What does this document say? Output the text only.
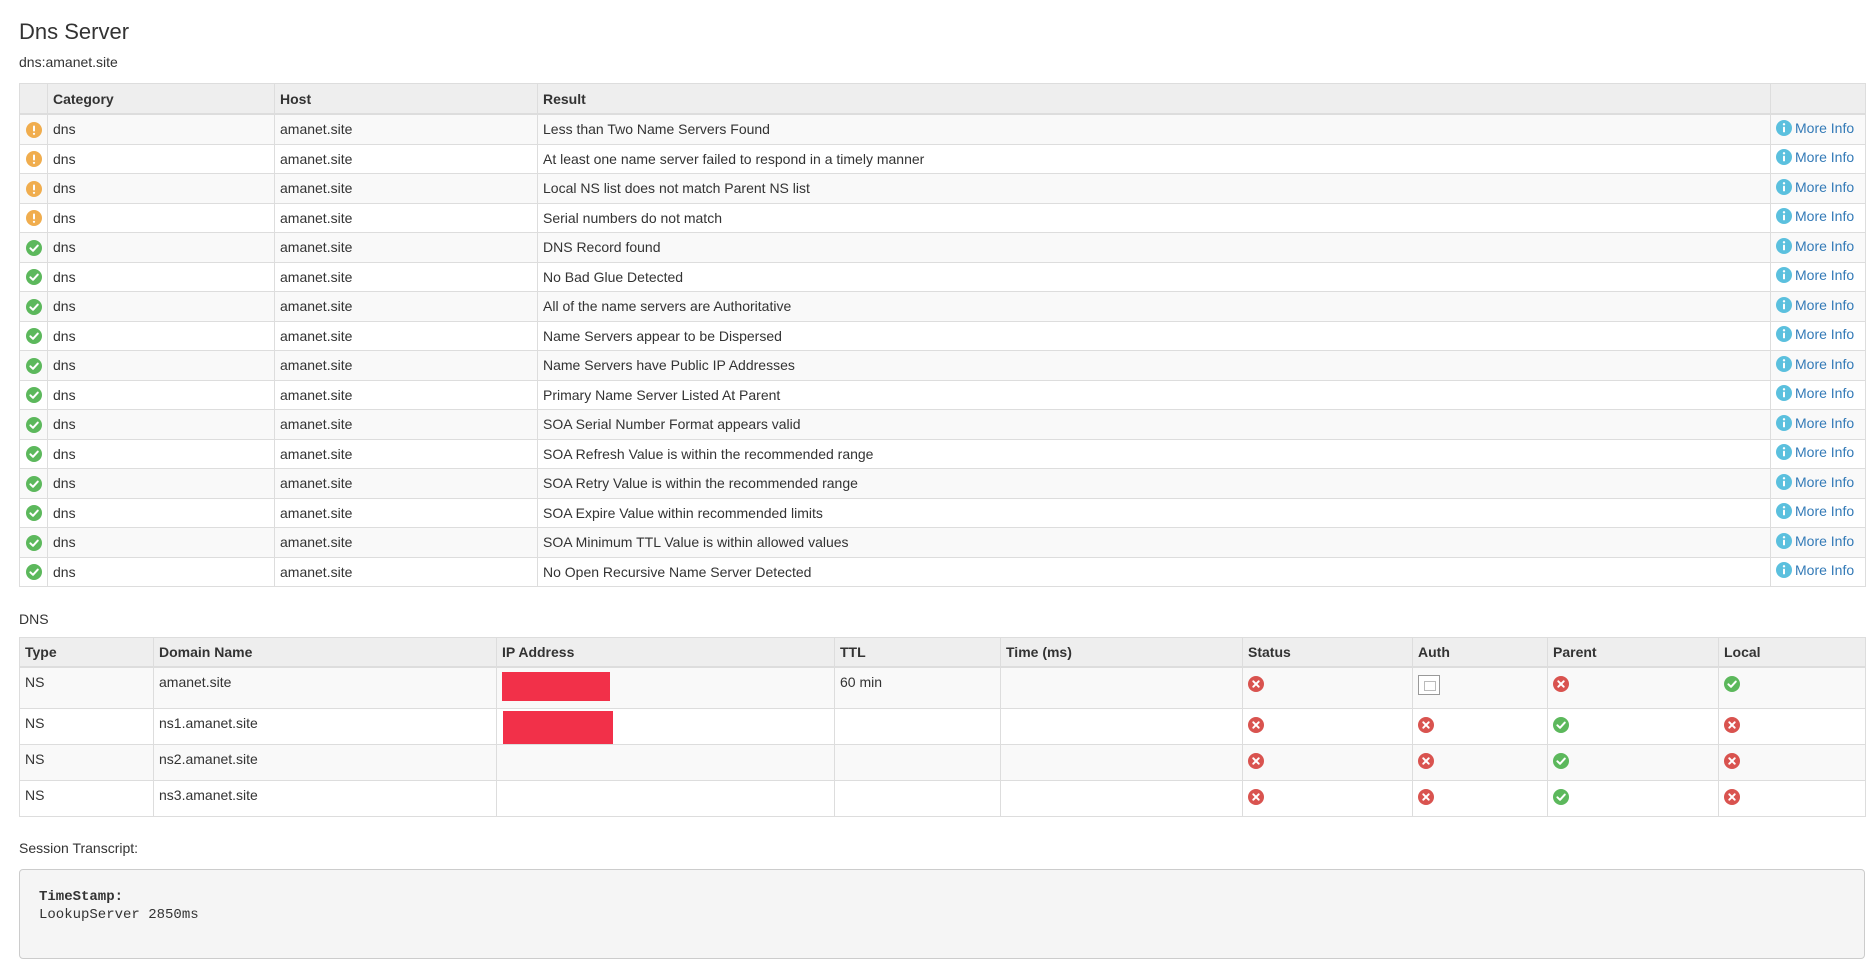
Dns Server
dns:amanet.site
	Category	Host	Result	

	dns	amanet.site	Less than Two Name Servers Found	More Info

	dns	amanet.site	At least one name server failed to respond in a timely manner	More Info

	dns	amanet.site	Local NS list does not match Parent NS list	More Info

	dns	amanet.site	Serial numbers do not match	More Info

	dns	amanet.site	DNS Record found	More Info

	dns	amanet.site	No Bad Glue Detected	More Info

	dns	amanet.site	All of the name servers are Authoritative	More Info

	dns	amanet.site	Name Servers appear to be Dispersed	More Info

	dns	amanet.site	Name Servers have Public IP Addresses	More Info

	dns	amanet.site	Primary Name Server Listed At Parent	More Info

	dns	amanet.site	SOA Serial Number Format appears valid	More Info

	dns	amanet.site	SOA Refresh Value is within the recommended range	More Info

	dns	amanet.site	SOA Retry Value is within the recommended range	More Info

	dns	amanet.site	SOA Expire Value within recommended limits	More Info

	dns	amanet.site	SOA Minimum TTL Value is within allowed values	More Info

	dns	amanet.site	No Open Recursive Name Server Detected	More Info
DNS
Type	Domain Name	IP Address	TTL	Time (ms)	Status	Auth	Parent	Local
NS	amanet.site		60 min		

NS	ns1.amanet.site	

NS	ns2.amanet.site				

NS	ns3.amanet.site				

Session Transcript:
TimeStamp:
LookupServer 2850ms
